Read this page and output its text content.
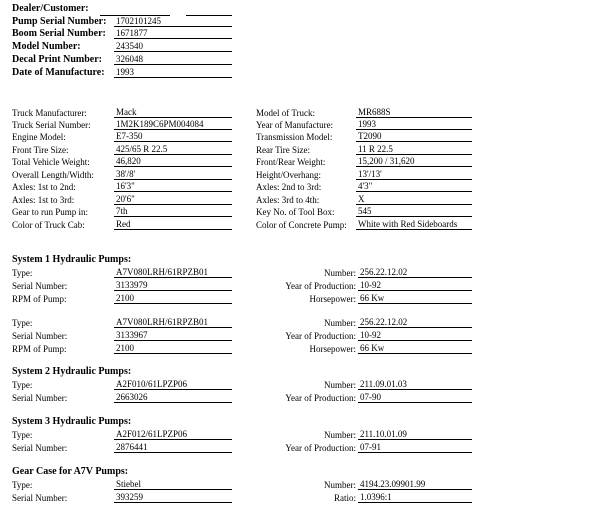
Dealer/Customer:
Pump Serial Number: 1702101245
Boom Serial Number: 1671877
Model Number:	243540
Decal Print Number: 326048
Date of Manufacture: 1993
Truck Manufacturer:	Mack
Truck Serial Number:	1M2K189C6PM004084
Engine Model:	E7-350
Front Tire Size:	425/65 R 22.5
Total Vehicle Weight:	46,820
Overall Length/Width: 38'/8'
Axles: 1st to 2nd:	16'3"
Axles: 1st to 3rd:	20'6"
Gear to run Pump in:	7th
Color of Truck Cab:	Red
Model of Truck:	MR688S
Year of Manufacture:	1993
Transmission Model:	T2090
Rear Tire Size:	11 R 22.5
Front/Rear Weight:	15,200 / 31,620
Height/Overhang:	13'/13'
Axles: 2nd to 3rd:	4'3"
Axles: 3rd to 4th:	X
Key No. of Tool Box:	545
Color of Concrete Pump: White with Red Sideboards
System 1 Hydraulic Pumps:
Type:	A7V080LRH/61RPZB01
Serial Number:	3133979
RPM of Pump:	2100
Number: 256.22.12.02
Year of Production: 10-92
Horsepower: 66 Kw
Type:	A7V080LRH/61RPZB01
Serial Number:	3133967
RPM of Pump:	2100
Number: 256.22.12.02
Year of Production: 10-92
Horsepower: 66 Kw
System 2 Hydraulic Pumps:
Type:	A2F010/61LPZP06
Serial Number:	2663026
Number: 211.09.01.03
Year of Production: 07-90
System 3 Hydraulic Pumps:
Type:	A2F012/61LPZP06
Serial Number:	2876441
Number: 211.10.01.09
Year of Production: 07-91
Gear Case for A7V Pumps:
Type:	Stiebel
Serial Number:	393259
Number: 4194.23.09901.99
Ratio: 1.0396:1
